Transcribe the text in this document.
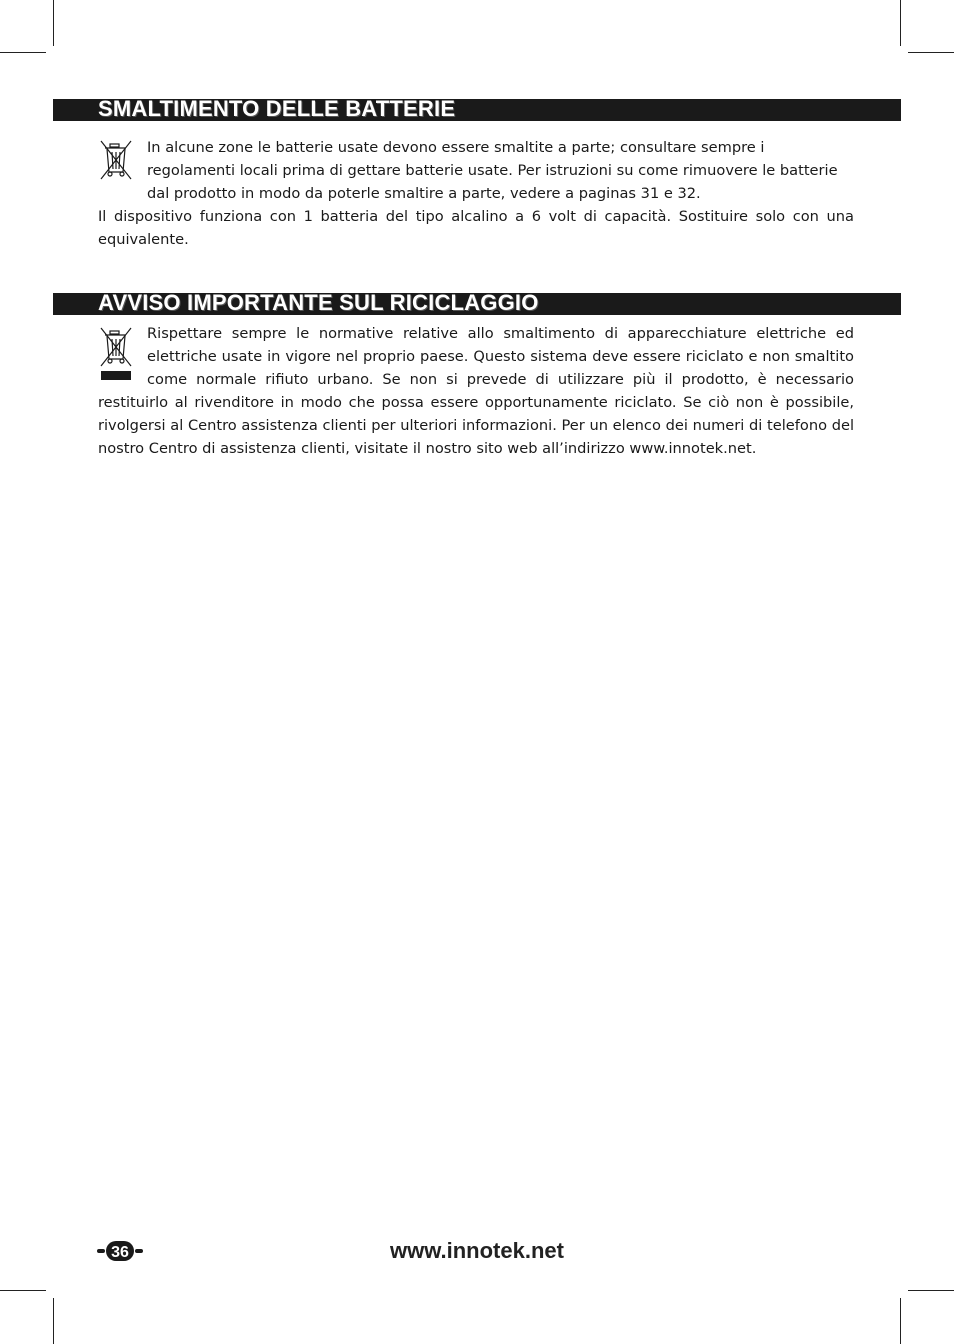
SMALTIMENTO DELLE BATTERIE

In alcune zone le batterie usate devono essere smaltite a parte; consultare sempre i regolamenti locali prima di gettare batterie usate. Per istruzioni su come rimuovere le batterie dal prodotto in modo da poterle smaltire a parte, vedere a paginas 31 e 32.

Il dispositivo funziona con 1 batteria del tipo alcalino a 6 volt di capacità. Sostituire solo con una equivalente.

AVVISO IMPORTANTE SUL RICICLAGGIO
Rispettare sempre le normative relative allo smaltimento di apparecchiature elettriche ed elettriche usate in vigore nel proprio paese. Questo sistema deve essere riciclato e non smaltito come normale rifiuto urbano. Se non si prevede di utilizzare più il prodotto, è necessario restituirlo al rivenditore in modo che possa essere opportunamente riciclato. Se ciò non è possibile, rivolgersi al Centro assistenza clienti per ulteriori informazioni. Per un elenco dei numeri di telefono del nostro Centro di assistenza clienti, visitate il nostro sito web all’indirizzo www.innotek.net.
36	www.innotek.net
